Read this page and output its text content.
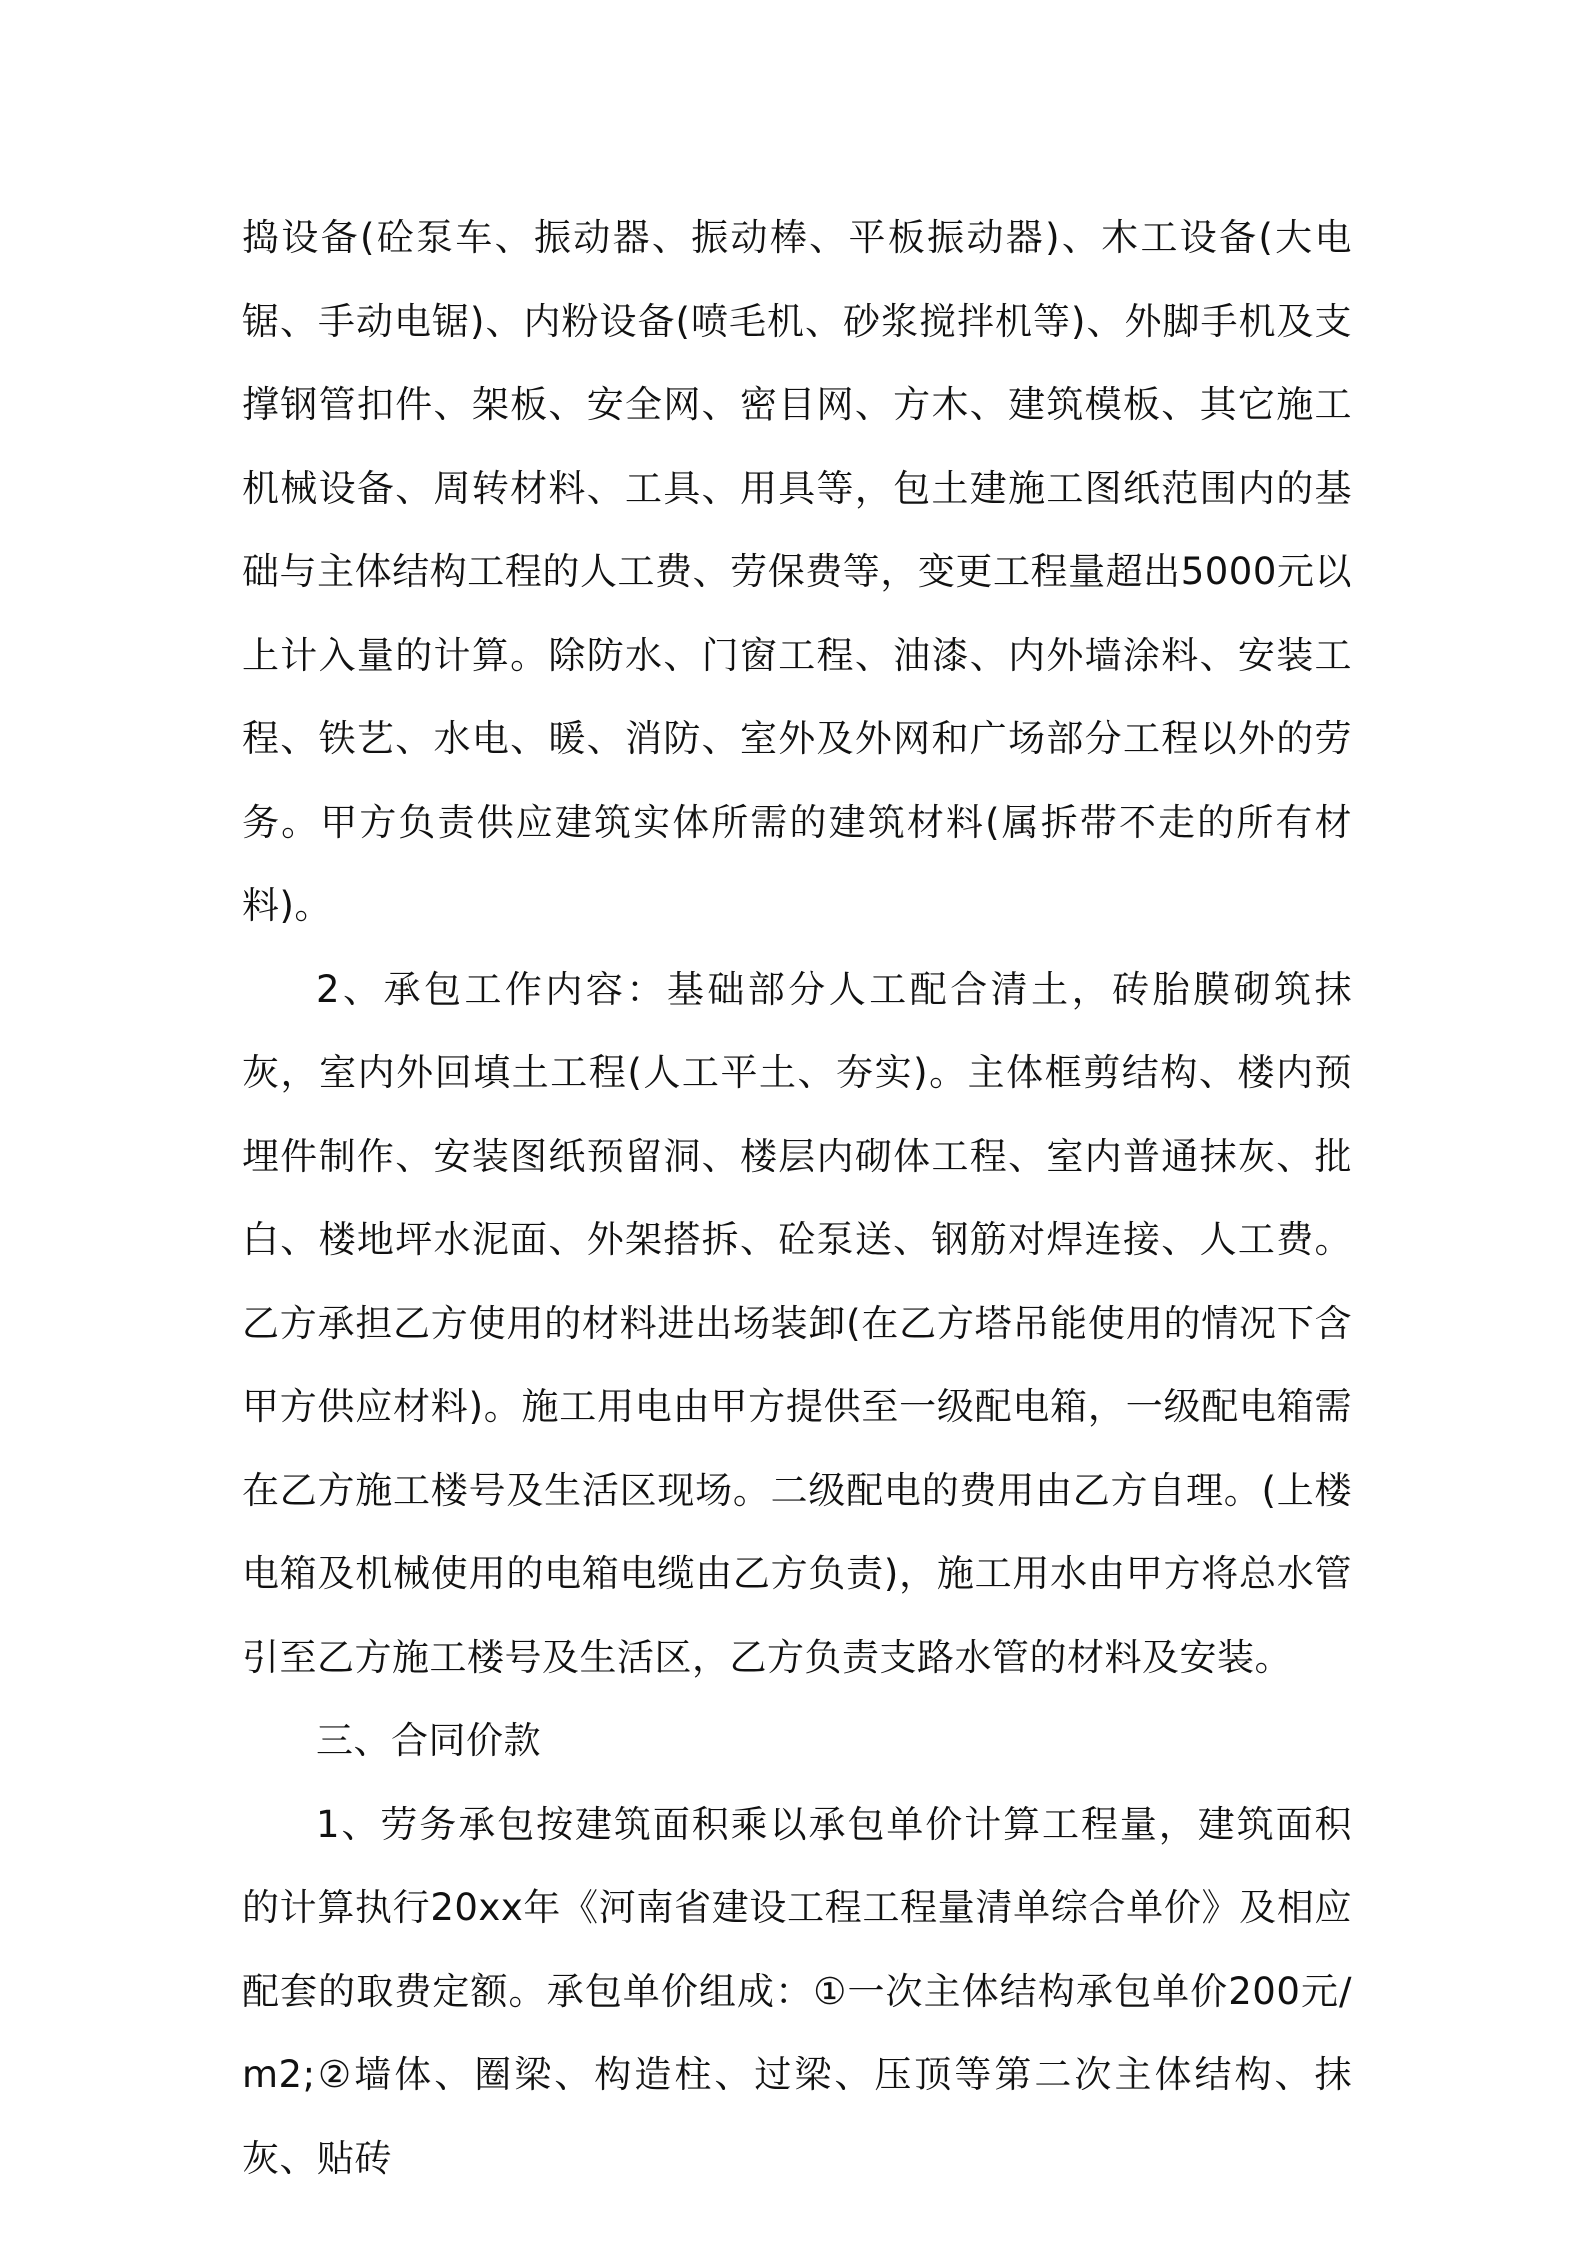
捣设备(砼泵车、振动器、振动棒、平板振动器)、木工设备(大电锯、手动电锯)、内粉设备(喷毛机、砂浆搅拌机等)、外脚手机及支撑钢管扣件、架板、安全网、密目网、方木、建筑模板、其它施工机械设备、周转材料、工具、用具等，包土建施工图纸范围内的基础与主体结构工程的人工费、劳保费等，变更工程量超出5000元以上计入量的计算。除防水、门窗工程、油漆、内外墙涂料、安装工程、铁艺、水电、暖、消防、室外及外网和广场部分工程以外的劳务。甲方负责供应建筑实体所需的建筑材料(属拆带不走的所有材料)。

2、承包工作内容：基础部分人工配合清土，砖胎膜砌筑抹灰，室内外回填土工程(人工平土、夯实)。主体框剪结构、楼内预埋件制作、安装图纸预留洞、楼层内砌体工程、室内普通抹灰、批白、楼地坪水泥面、外架搭拆、砼泵送、钢筋对焊连接、人工费。乙方承担乙方使用的材料进出场装卸(在乙方塔吊能使用的情况下含甲方供应材料)。施工用电由甲方提供至一级配电箱，一级配电箱需在乙方施工楼号及生活区现场。二级配电的费用由乙方自理。(上楼电箱及机械使用的电箱电缆由乙方负责)，施工用水由甲方将总水管引至乙方施工楼号及生活区，乙方负责支路水管的材料及安装。

三、合同价款

1、劳务承包按建筑面积乘以承包单价计算工程量，建筑面积的计算执行20xx年《河南省建设工程工程量清单综合单价》及相应配套的取费定额。承包单价组成：①一次主体结构承包单价200元/m2;②墙体、圈梁、构造柱、过梁、压顶等第二次主体结构、抹灰、贴砖
